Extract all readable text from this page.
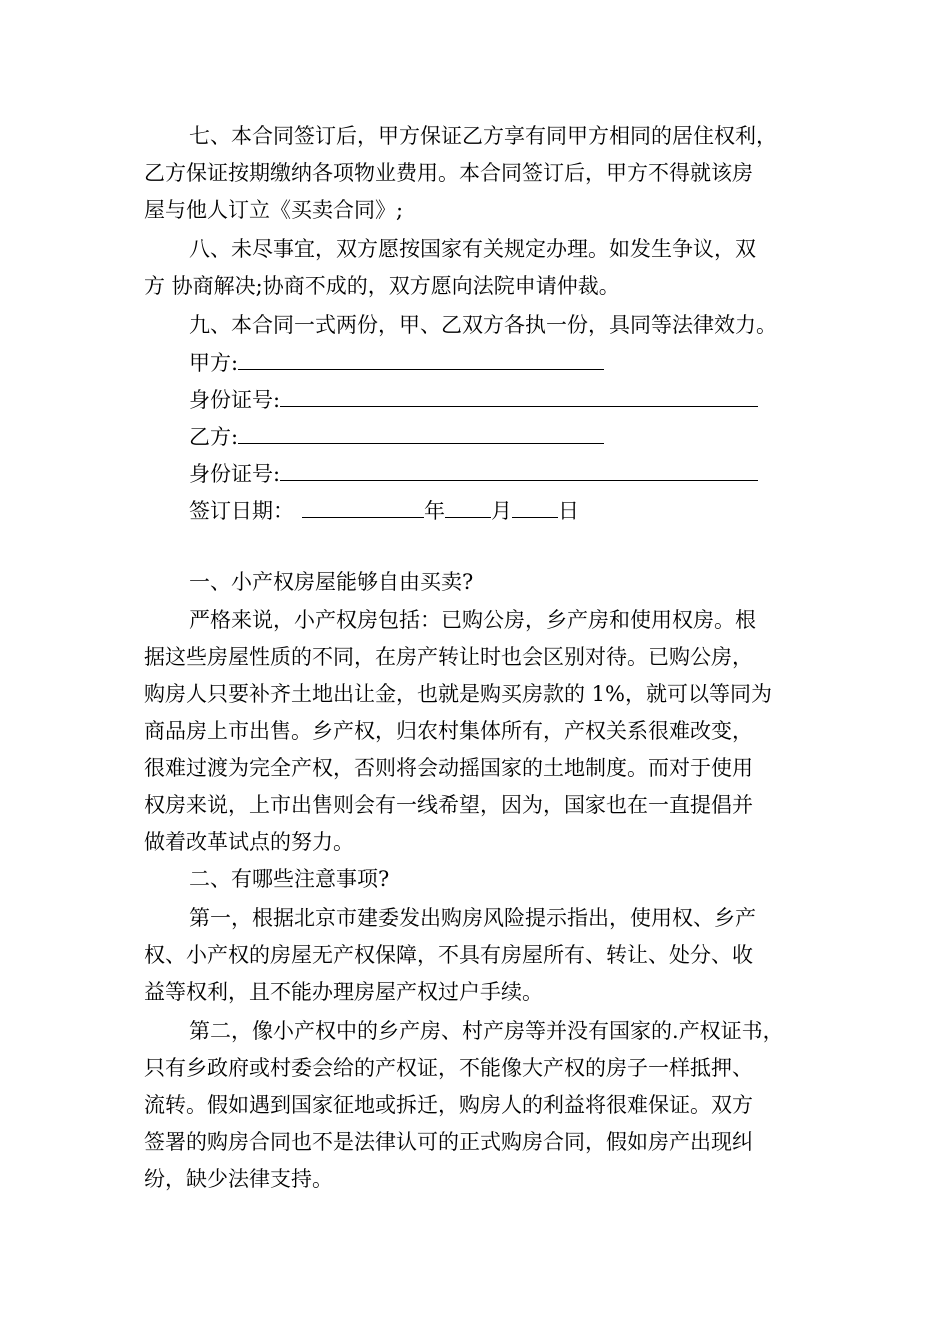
七、本合同签订后，甲方保证乙方享有同甲方相同的居住权利，

乙方保证按期缴纳各项物业费用。本合同签订后，甲方不得就该房

屋与他人订立《买卖合同》;

八、未尽事宜，双方愿按国家有关规定办理。如发生争议，双

方 协商解决;协商不成的，双方愿向法院申请仲裁。

九、本合同一式两份，甲、乙双方各执一份，具同等法律效力。

甲方:

身份证号:

乙方:

身份证号:

签订日期：	年 月 日

一、小产权房屋能够自由买卖?

严格来说，小产权房包括：已购公房，乡产房和使用权房。根

据这些房屋性质的不同，在房产转让时也会区别对待。已购公房，

购房人只要补齐土地出让金，也就是购买房款的 1%，就可以等同为

商品房上市出售。乡产权，归农村集体所有，产权关系很难改变，

很难过渡为完全产权，否则将会动摇国家的土地制度。而对于使用

权房来说，上市出售则会有一线希望，因为，国家也在一直提倡并

做着改革试点的努力。

二、有哪些注意事项?

第一，根据北京市建委发出购房风险提示指出，使用权、乡产

权、小产权的房屋无产权保障，不具有房屋所有、转让、处分、收

益等权利，且不能办理房屋产权过户手续。

第二，像小产权中的乡产房、村产房等并没有国家的.产权证书，

只有乡政府或村委会给的产权证，不能像大产权的房子一样抵押、

流转。假如遇到国家征地或拆迁，购房人的利益将很难保证。双方

签署的购房合同也不是法律认可的正式购房合同，假如房产出现纠

纷，缺少法律支持。
